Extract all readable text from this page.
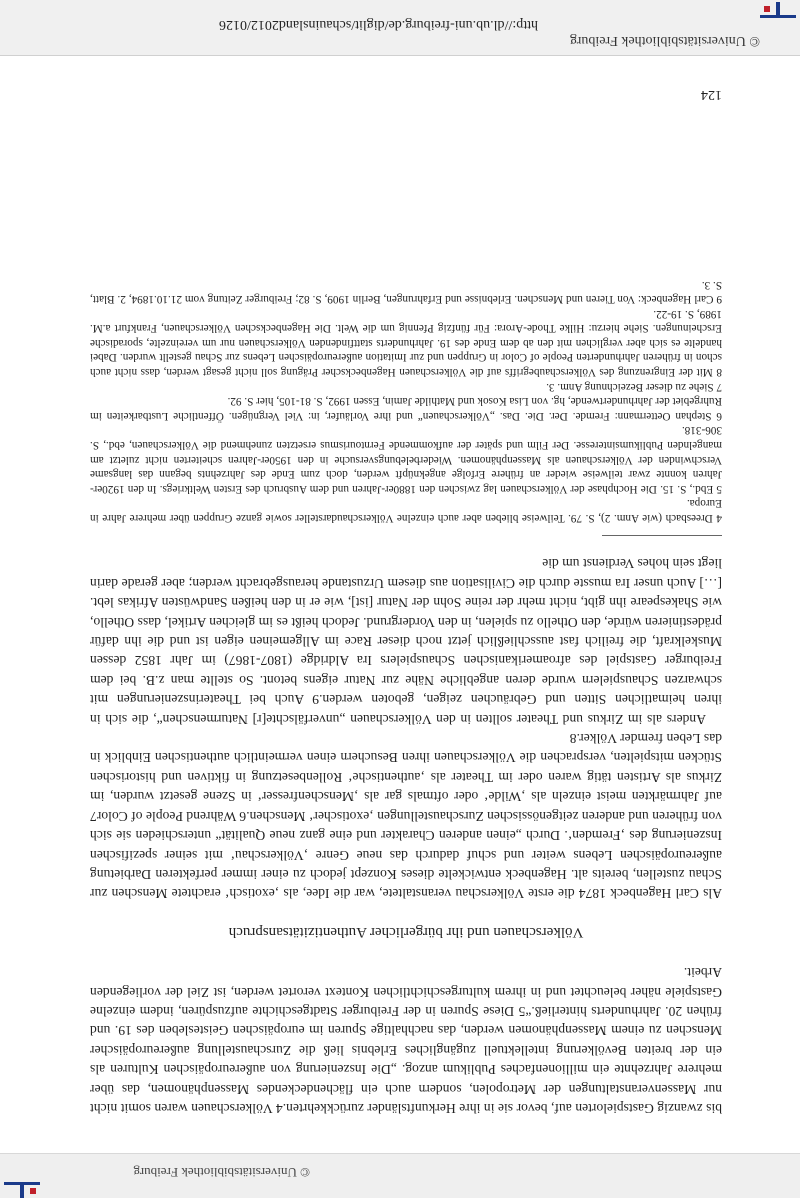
© Universitätsbibliothek Freiburg

bis zwanzig Gastspielorten auf, bevor sie in ihre Herkunftsländer zurückkehrten.4 Völkerschauen waren somit nicht nur Massenveranstaltungen der Metropolen, sondern auch ein flächendeckendes Massenphänomen, das über mehrere Jahrzehnte ein millionenfaches Publikum anzog. „Die Inszenierung von außereuropäischen Kulturen als ein der breiten Bevölkerung intellektuell zugängliches Erlebnis ließ die Zurschaustellung außereuropäischer Menschen zu einem Massenphänomen werden, das nachhaltige Spuren im europäischen Geistesleben des 19. und frühen 20. Jahrhunderts hinterließ.“5 Diese Spuren in der Freiburger Stadtgeschichte aufzuspüren, indem einzelne Gastspiele näher beleuchtet und in ihrem kulturgeschichtlichen Kontext verortet werden, ist Ziel der vorliegenden Arbeit.

Völkerschauen und ihr bürgerlicher Authentizitätsanspruch

Als Carl Hagenbeck 1874 die erste Völkerschau veranstaltete, war die Idee, als ‚exotisch‘ erachtete Menschen zur Schau zustellen, bereits alt. Hagenbeck entwickelte dieses Konzept jedoch zu einer immer perfekteren Darbietung außereuropäischen Lebens weiter und schuf dadurch das neue Genre ‚Völkerschau‘ mit seiner spezifischen Inszenierung des ‚Fremden‘. Durch „einen anderen Charakter und eine ganz neue Qualität“ unterschieden sie sich von früheren und anderen zeitgenössischen Zurschaustellungen ‚exotischer‘ Menschen.6 Während People of Color7 auf Jahrmärkten meist einzeln als ‚Wilde‘ oder oftmals gar als ‚Menschenfresser‘ in Szene gesetzt wurden, im Zirkus als Artisten tätig waren oder im Theater als ‚authentische‘ Rollenbesetzung in fiktiven und historischen Stücken mitspielten, versprachen die Völkerschauen ihren Besuchern einen vermeintlich authentischen Einblick in das Leben fremder Völker.8

Anders als im Zirkus und Theater sollten in den Völkerschauen „unverfälschte[r] Naturmenschen“, die sich in ihren heimatlichen Sitten und Gebräuchen zeigen, geboten werden.9 Auch bei Theaterinszenierungen mit schwarzen Schauspielern wurde deren angebliche Nähe zur Natur eigens betont. So stellte man z.B. bei dem Freiburger Gastspiel des afroamerikanischen Schauspielers Ira Aldridge (1807-1867) im Jahr 1852 dessen Muskelkraft, die freilich fast ausschließlich jetzt noch dieser Race im Allgemeinen eigen ist und die ihn dafür prädestinieren würde, den Othello zu spielen, in den Vordergrund. Jedoch heißt es im gleichen Artikel, dass Othello, wie Shakespeare ihn gibt, nicht mehr der reine Sohn der Natur [ist], wie er in den heißen Sandwüsten Afrikas lebt. […] Auch unser Ira musste durch die Civilisation aus diesem Urzustande herausgebracht werden; aber gerade darin liegt sein hohes Verdienst um die

4 Dreesbach (wie Anm. 2), S. 79. Teilweise blieben aber auch einzelne Völkerschaudarsteller sowie ganze Gruppen über mehrere Jahre in Europa.
5 Ebd., S. 15. Die Hochphase der Völkerschauen lag zwischen den 1880er-Jahren und dem Ausbruch des Ersten Weltkriegs. In den 1920er-Jahren konnte zwar teilweise wieder an frühere Erfolge angeknüpft werden, doch zum Ende des Jahrzehnts begann das langsame Verschwinden der Völkerschauen als Massenphänomen. Wiederbelebungsversuche in den 1950er-Jahren scheiterten nicht zuletzt am mangelnden Publikumsinteresse. Der Film und später der aufkommende Ferntourismus ersetzten zunehmend die Völkerschauen, ebd., S. 306-318.
6 Stephan Oettermann: Fremde. Der. Die. Das. „Völkerschauen“ und ihre Vorläufer, in: Viel Vergnügen. Öffentliche Lustbarkeiten im Ruhrgebiet der Jahrhundertwende, hg. von Lisa Kosok und Mathilde Jamin, Essen 1992, S. 81-105, hier S. 92.
7 Siehe zu dieser Bezeichnung Anm. 3.
8 Mit der Eingrenzung des Völkerschaubegriffs auf die Völkerschauen Hagenbeckscher Prägung soll nicht gesagt werden, dass nicht auch schon in früheren Jahrhunderten People of Color in Gruppen und zur Imitation außereuropäischen Lebens zur Schau gestellt wurden. Dabei handelte es sich aber verglichen mit den ab dem Ende des 19. Jahrhunderts stattfindenden Völkerschauen nur um vereinzelte, sporadische Erscheinungen. Siehe hierzu: Hilke Thode-Arora: Für fünfzig Pfennig um die Welt. Die Hagenbeckschen Völkerschauen, Frankfurt a.M. 1989, S. 19-22.
9 Carl Hagenbeck: Von Tieren und Menschen. Erlebnisse und Erfahrungen, Berlin 1909, S. 82; Freiburger Zeitung vom 21.10.1894, 2. Blatt, S. 3.
124
http://dl.ub.uni-freiburg.de/diglit/schauinsland2012/0126
© Universitätsbibliothek Freiburg
